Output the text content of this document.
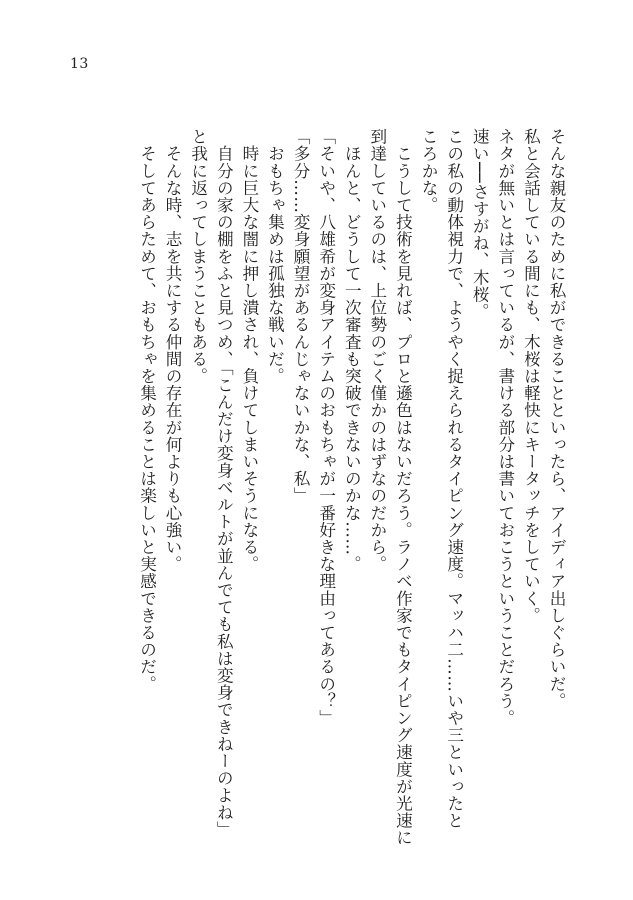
13
そんな親友のために私ができることといったら、アイディア出しぐらいだ。
私と会話している間にも、木桜は軽快にキータッチをしていく。
ネタが無いとは言っているが、書ける部分は書いておこうということだろう。
速い──さすがね、木桜。
この私の動体視力で、ようやく捉えられるタイピング速度。マッハ二……いや三といったと
ころかな。
　こうして技術を見れば、プロと遜色はないだろう。ラノベ作家でもタイピング速度が光速に
到達しているのは、上位勢のごく僅かのはずなのだから。
　ほんと、どうして一次審査も突破できないのかな……。
「そいや、八雄希が変身アイテムのおもちゃが一番好きな理由ってあるの？」
「多分……変身願望があるんじゃないかな、私」
　おもちゃ集めは孤独な戦いだ。
　時に巨大な闇に押し潰され、負けてしまいそうになる。
　自分の家の棚をふと見つめ、「こんだけ変身ベルトが並んでても私は変身できねーのよね」
と我に返ってしまうこともある。
　そんな時、志を共にする仲間の存在が何よりも心強い。
　そしてあらためて、おもちゃを集めることは楽しいと実感できるのだ。
